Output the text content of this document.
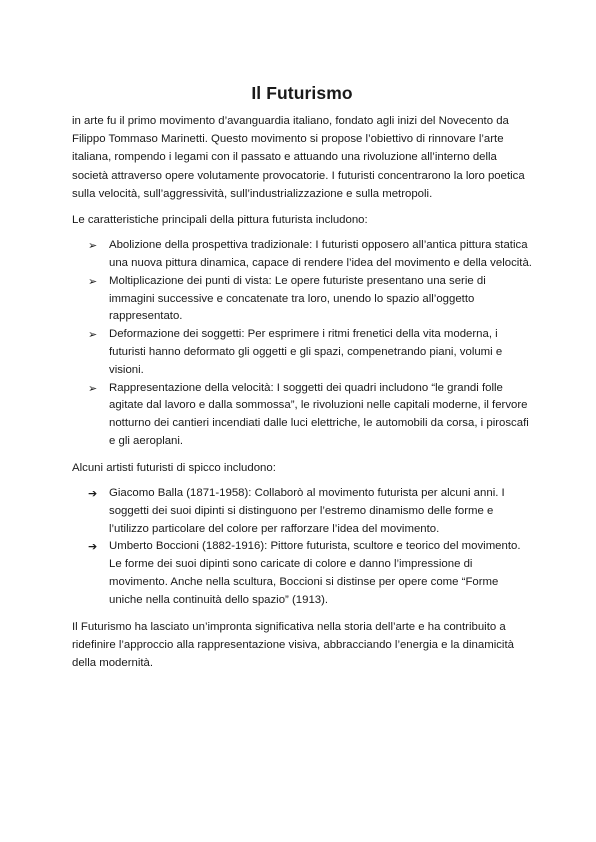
Il Futurismo

in arte fu il primo movimento d’avanguardia italiano, fondato agli inizi del Novecento da Filippo Tommaso Marinetti. Questo movimento si propose l’obiettivo di rinnovare l’arte italiana, rompendo i legami con il passato e attuando una rivoluzione all’interno della società attraverso opere volutamente provocatorie. I futuristi concentrarono la loro poetica sulla velocità, sull’aggressività, sull’industrializzazione e sulla metropoli.

Le caratteristiche principali della pittura futurista includono:

➢ Abolizione della prospettiva tradizionale: I futuristi opposero all’antica pittura statica una nuova pittura dinamica, capace di rendere l’idea del movimento e della velocità.
➢ Moltiplicazione dei punti di vista: Le opere futuriste presentano una serie di immagini successive e concatenate tra loro, unendo lo spazio all’oggetto rappresentato.
➢ Deformazione dei soggetti: Per esprimere i ritmi frenetici della vita moderna, i futuristi hanno deformato gli oggetti e gli spazi, compenetrando piani, volumi e visioni.
➢ Rappresentazione della velocità: I soggetti dei quadri includono “le grandi folle agitate dal lavoro e dalla sommossa”, le rivoluzioni nelle capitali moderne, il fervore notturno dei cantieri incendiati dalle luci elettriche, le automobili da corsa, i piroscafi e gli aeroplani.

Alcuni artisti futuristi di spicco includono:

➔ Giacomo Balla (1871-1958): Collaborò al movimento futurista per alcuni anni. I soggetti dei suoi dipinti si distinguono per l’estremo dinamismo delle forme e l’utilizzo particolare del colore per rafforzare l’idea del movimento.
➔ Umberto Boccioni (1882-1916): Pittore futurista, scultore e teorico del movimento. Le forme dei suoi dipinti sono caricate di colore e danno l’impressione di movimento. Anche nella scultura, Boccioni si distinse per opere come “Forme uniche nella continuità dello spazio” (1913).

Il Futurismo ha lasciato un’impronta significativa nella storia dell’arte e ha contribuito a ridefinire l’approccio alla rappresentazione visiva, abbracciando l’energia e la dinamicità della modernità.
